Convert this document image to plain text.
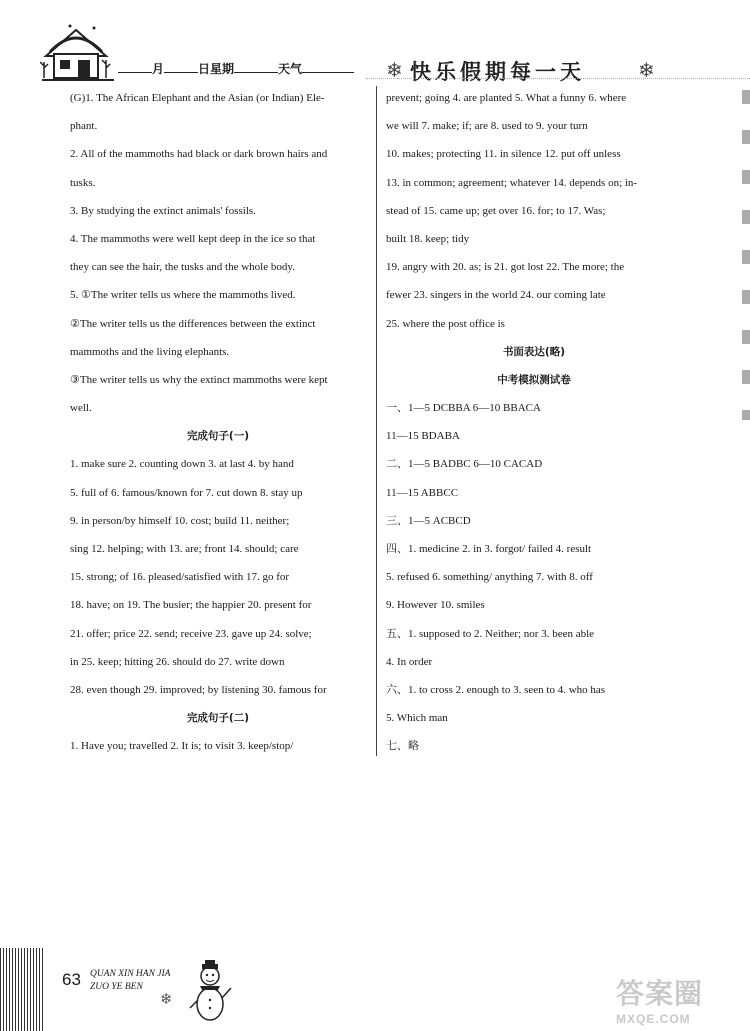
月	日星期	天气	❄ 快乐假期每一天	❄
(G)1. The African Elephant and the Asian (or Indian) Ele-
phant.
2. All of the mammoths had black or dark brown hairs and
tusks.
3. By studying the extinct animals' fossils.
4. The mammoths were well kept deep in the ice so that
they can see the hair, the tusks and the whole body.
5. ①The writer tells us where the mammoths lived.
②The writer tells us the differences between the extinct
mammoths and the living elephants.
③The writer tells us why the extinct mammoths were kept
well.
完成句子(一)
1. make sure 2. counting down 3. at last 4. by hand
5. full of 6. famous/known for 7. cut down 8. stay up
9. in person/by himself 10. cost; build 11. neither;
sing 12. helping; with 13. are; front 14. should; care
15. strong; of 16. pleased/satisfied with 17. go for
18. have; on 19. The busier; the happier 20. present for
21. offer; price 22. send; receive 23. gave up 24. solve;
in 25. keep; hitting 26. should do 27. write down
28. even though 29. improved; by listening 30. famous for
完成句子(二)
1. Have you; travelled 2. It is; to visit 3. keep/stop/
prevent; going 4. are planted 5. What a funny 6. where
we will 7. make; if; are 8. used to 9. your turn
10. makes; protecting 11. in silence 12. put off unless
13. in common; agreement; whatever 14. depends on; in-
stead of 15. came up; get over 16. for; to 17. Was;
built 18. keep; tidy
19. angry with 20. as; is 21. got lost 22. The more; the
fewer 23. singers in the world 24. our coming late
25. where the post office is
书面表达(略)
中考模拟测试卷
一、1—5 DCBBA 6—10 BBACA
11—15 BDABA
二、1—5 BADBC 6—10 CACAD
11—15 ABBCC
三、1—5 ACBCD
四、1. medicine 2. in 3. forgot/ failed 4. result
5. refused 6. something/ anything 7. with 8. off
9. However 10. smiles
五、1. supposed to 2. Neither; nor 3. been able
4. In order
六、1. to cross 2. enough to 3. seen to 4. who has
5. Which man
七、略
63 QUAN XIN HAN JIA
ZUO YE BEN
❄	答案圈
MXQE.COM
